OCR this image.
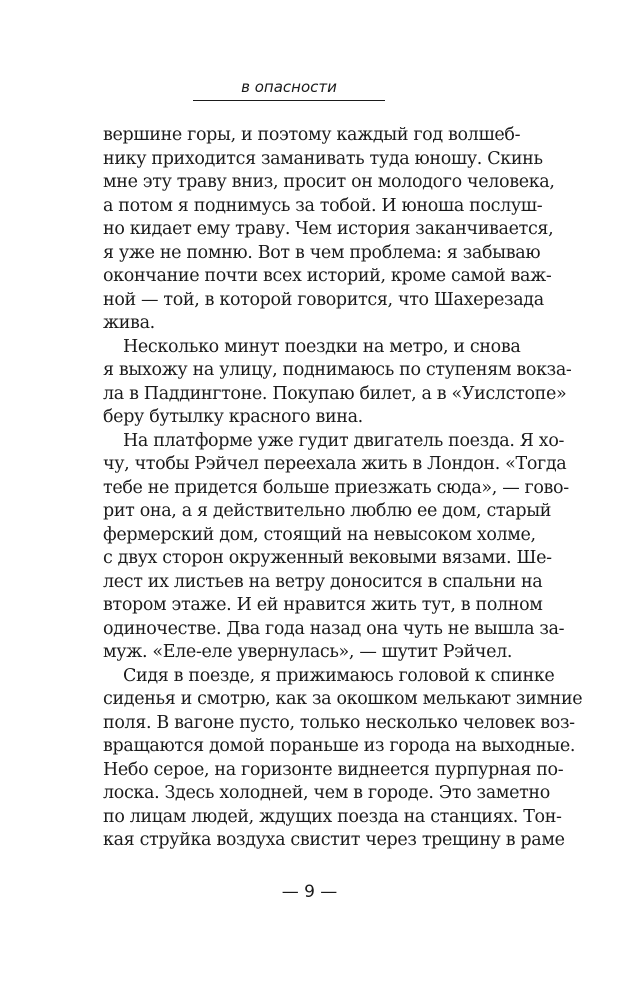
в опасности
вершине горы, и поэтому каждый год волшеб-
нику приходится заманивать туда юношу. Скинь
мне эту траву вниз, просит он молодого человека,
а потом я поднимусь за тобой. И юноша послуш-
но кидает ему траву. Чем история заканчивается,
я уже не помню. Вот в чем проблема: я забываю
окончание почти всех историй, кроме самой важ-
ной — той, в которой говорится, что Шахерезада
жива.
Несколько минут поездки на метро, и снова
я выхожу на улицу, поднимаюсь по ступеням вокза-
ла в Паддингтоне. Покупаю билет, а в «Уислстопе»
беру бутылку красного вина.
На платформе уже гудит двигатель поезда. Я хо-
чу, чтобы Рэйчел переехала жить в Лондон. «Тогда
тебе не придется больше приезжать сюда», — гово-
рит она, а я действительно люблю ее дом, старый
фермерский дом, стоящий на невысоком холме,
с двух сторон окруженный вековыми вязами. Ше-
лест их листьев на ветру доносится в спальни на
втором этаже. И ей нравится жить тут, в полном
одиночестве. Два года назад она чуть не вышла за-
муж. «Еле-еле увернулась», — шутит Рэйчел.
Сидя в поезде, я прижимаюсь головой к спинке
сиденья и смотрю, как за окошком мелькают зимние
поля. В вагоне пусто, только несколько человек воз-
вращаются домой пораньше из города на выходные.
Небо серое, на горизонте виднеется пурпурная по-
лоска. Здесь холодней, чем в городе. Это заметно
по лицам людей, ждущих поезда на станциях. Тон-
кая струйка воздуха свистит через трещину в раме
— 9 —
